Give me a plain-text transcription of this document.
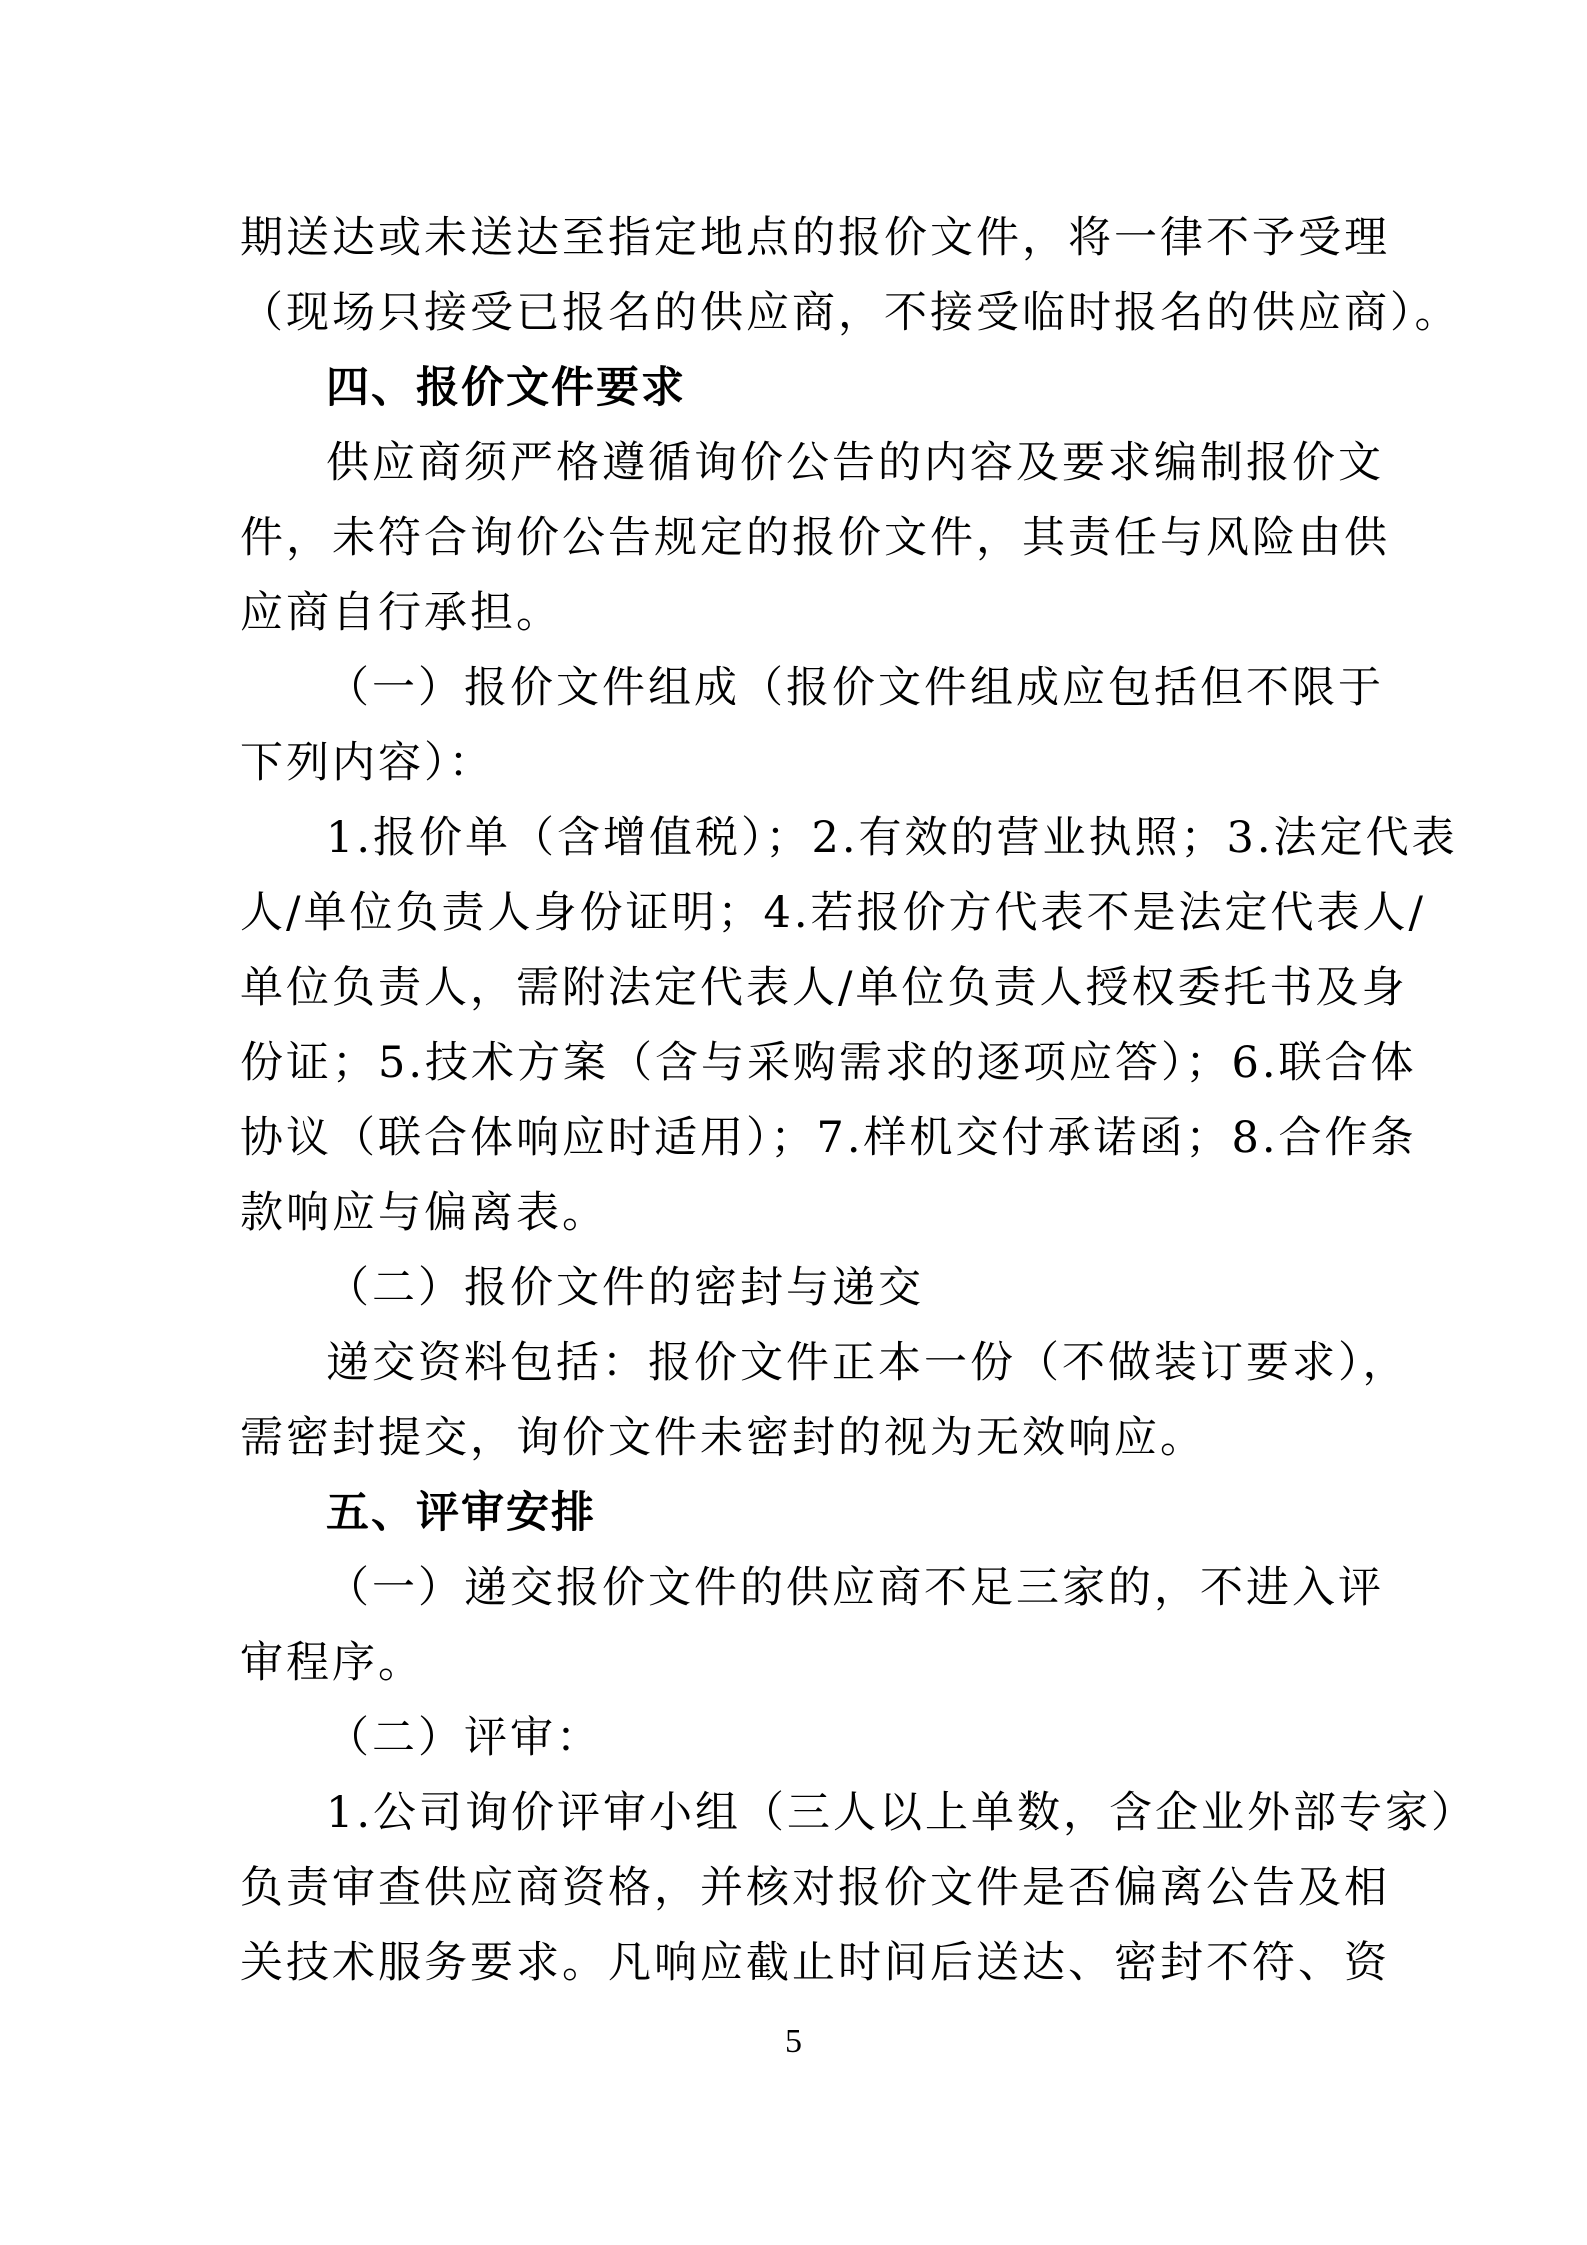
期送达或未送达至指定地点的报价文件，将一律不予受理
（现场只接受已报名的供应商，不接受临时报名的供应商）。
四、报价文件要求
供应商须严格遵循询价公告的内容及要求编制报价文
件，未符合询价公告规定的报价文件，其责任与风险由供
应商自行承担。
（一）报价文件组成（报价文件组成应包括但不限于
下列内容）：
1.报价单（含增值税）；2.有效的营业执照；3.法定代表
人/单位负责人身份证明；4.若报价方代表不是法定代表人/
单位负责人，需附法定代表人/单位负责人授权委托书及身
份证；5.技术方案（含与采购需求的逐项应答）；6.联合体
协议（联合体响应时适用）；7.样机交付承诺函；8.合作条
款响应与偏离表。
（二）报价文件的密封与递交
递交资料包括：报价文件正本一份（不做装订要求），
需密封提交，询价文件未密封的视为无效响应。
五、评审安排
（一）递交报价文件的供应商不足三家的，不进入评
审程序。
（二）评审：
1.公司询价评审小组（三人以上单数，含企业外部专家）
负责审查供应商资格，并核对报价文件是否偏离公告及相
关技术服务要求。凡响应截止时间后送达、密封不符、资
5
